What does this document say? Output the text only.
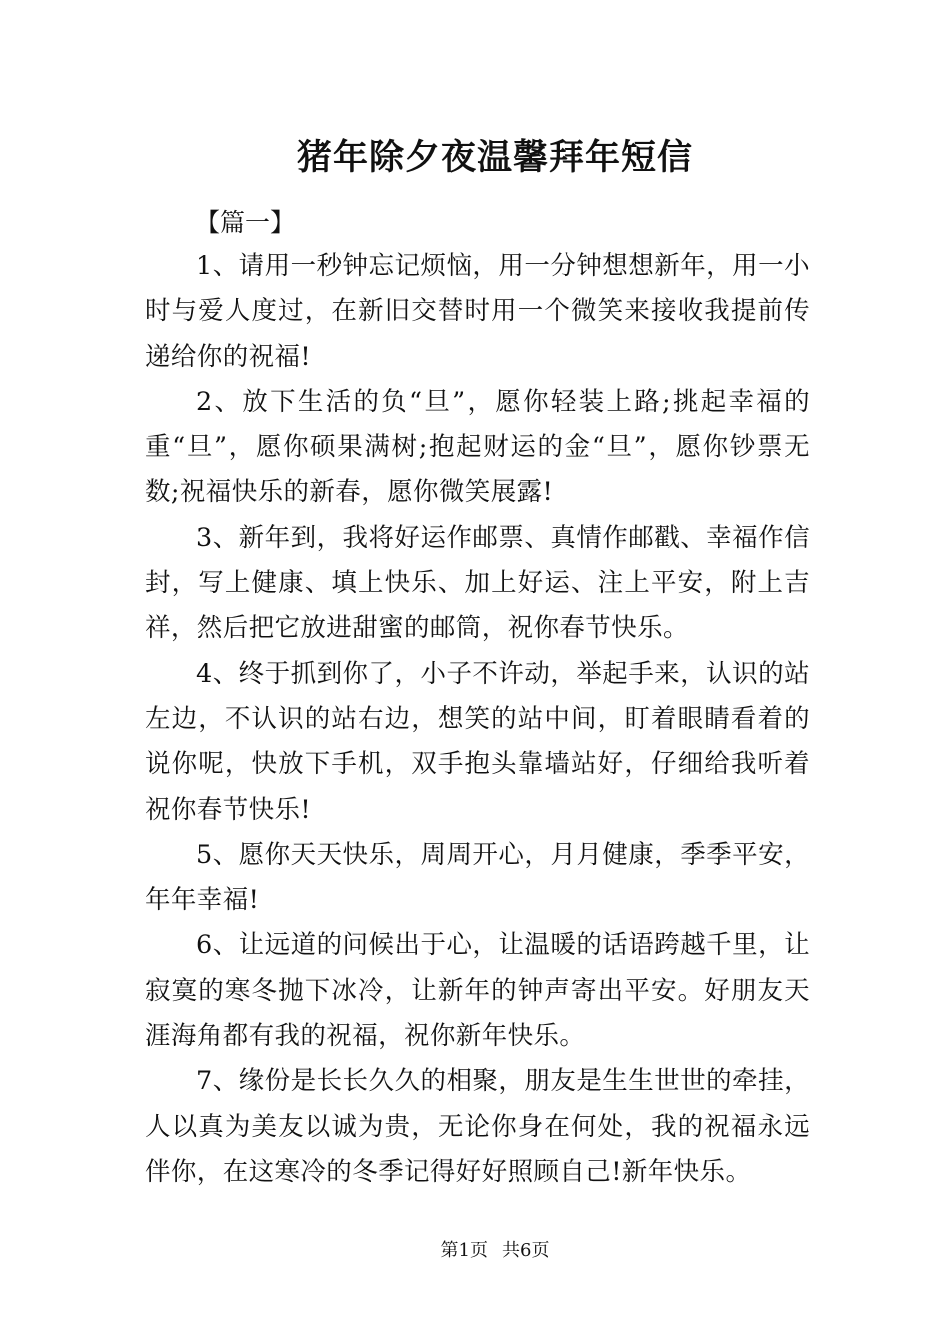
猪年除夕夜温馨拜年短信

【篇一】

1、请用一秒钟忘记烦恼，用一分钟想想新年，用一小时与爱人度过，在新旧交替时用一个微笑来接收我提前传递给你的祝福!

2、放下生活的负“旦”，愿你轻装上路;挑起幸福的重“旦”，愿你硕果满树;抱起财运的金“旦”，愿你钞票无数;祝福快乐的新春，愿你微笑展露!

3、新年到，我将好运作邮票、真情作邮戳、幸福作信封，写上健康、填上快乐、加上好运、注上平安，附上吉祥，然后把它放进甜蜜的邮筒，祝你春节快乐。

4、终于抓到你了，小子不许动，举起手来，认识的站左边，不认识的站右边，想笑的站中间，盯着眼睛看着的说你呢，快放下手机，双手抱头靠墙站好，仔细给我听着祝你春节快乐!

5、愿你天天快乐，周周开心，月月健康，季季平安，年年幸福!

6、让远道的问候出于心，让温暖的话语跨越千里，让寂寞的寒冬抛下冰冷，让新年的钟声寄出平安。好朋友天涯海角都有我的祝福，祝你新年快乐。

7、缘份是长长久久的相聚，朋友是生生世世的牵挂，人以真为美友以诚为贵，无论你身在何处，我的祝福永远伴你，在这寒冷的冬季记得好好照顾自己!新年快乐。

第1页 共6页
